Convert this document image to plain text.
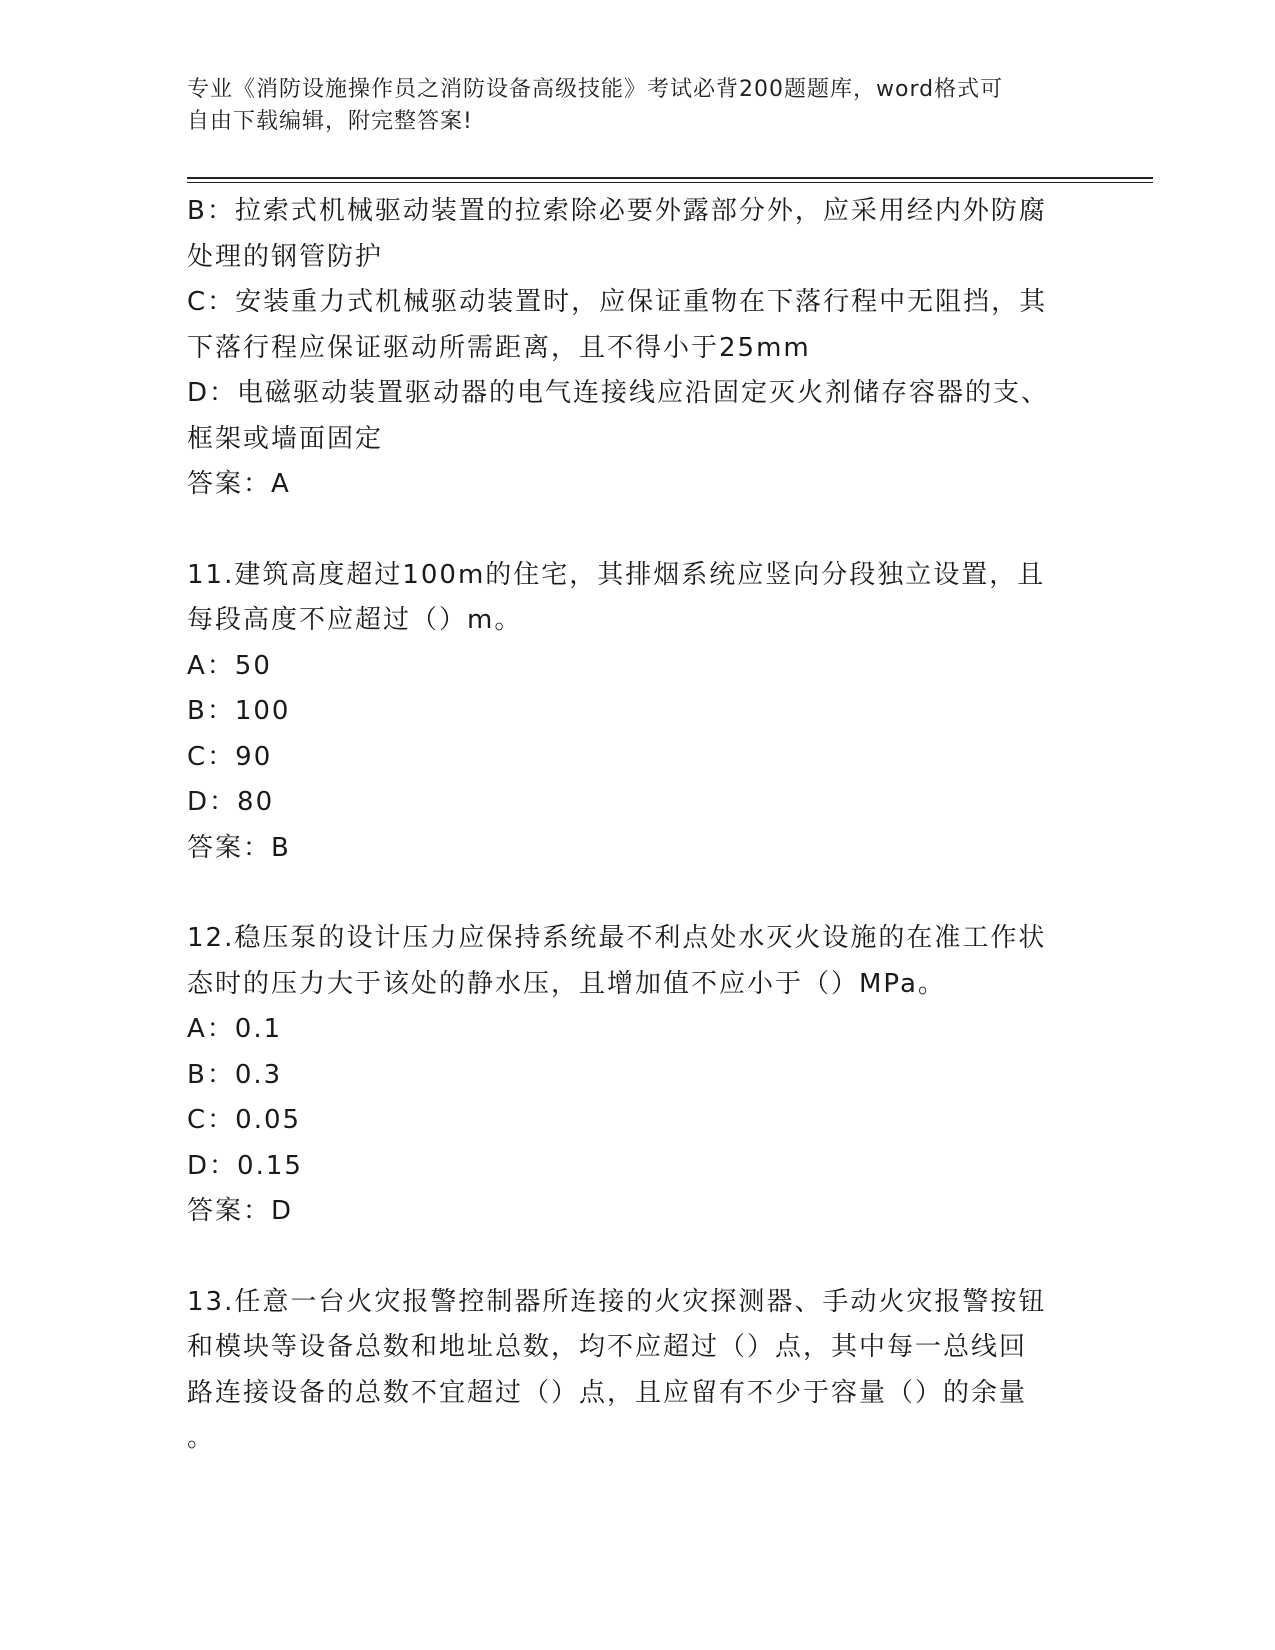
专业《消防设施操作员之消防设备高级技能》考试必背200题题库，word格式可
自由下载编辑，附完整答案!
B：拉索式机械驱动装置的拉索除必要外露部分外，应采用经内外防腐
处理的钢管防护
C：安装重力式机械驱动装置时，应保证重物在下落行程中无阻挡，其
下落行程应保证驱动所需距离，且不得小于25mm
D：电磁驱动装置驱动器的电气连接线应沿固定灭火剂储存容器的支、
框架或墙面固定
答案：A
11.建筑高度超过100m的住宅，其排烟系统应竖向分段独立设置，且
每段高度不应超过（）m。
A：50
B：100
C：90
D：80
答案：B
12.稳压泵的设计压力应保持系统最不利点处水灭火设施的在准工作状
态时的压力大于该处的静水压，且增加值不应小于（）MPa。
A：0.1
B：0.3
C：0.05
D：0.15
答案：D
13.任意一台火灾报警控制器所连接的火灾探测器、手动火灾报警按钮
和模块等设备总数和地址总数，均不应超过（）点，其中每一总线回
路连接设备的总数不宜超过（）点，且应留有不少于容量（）的余量
。
